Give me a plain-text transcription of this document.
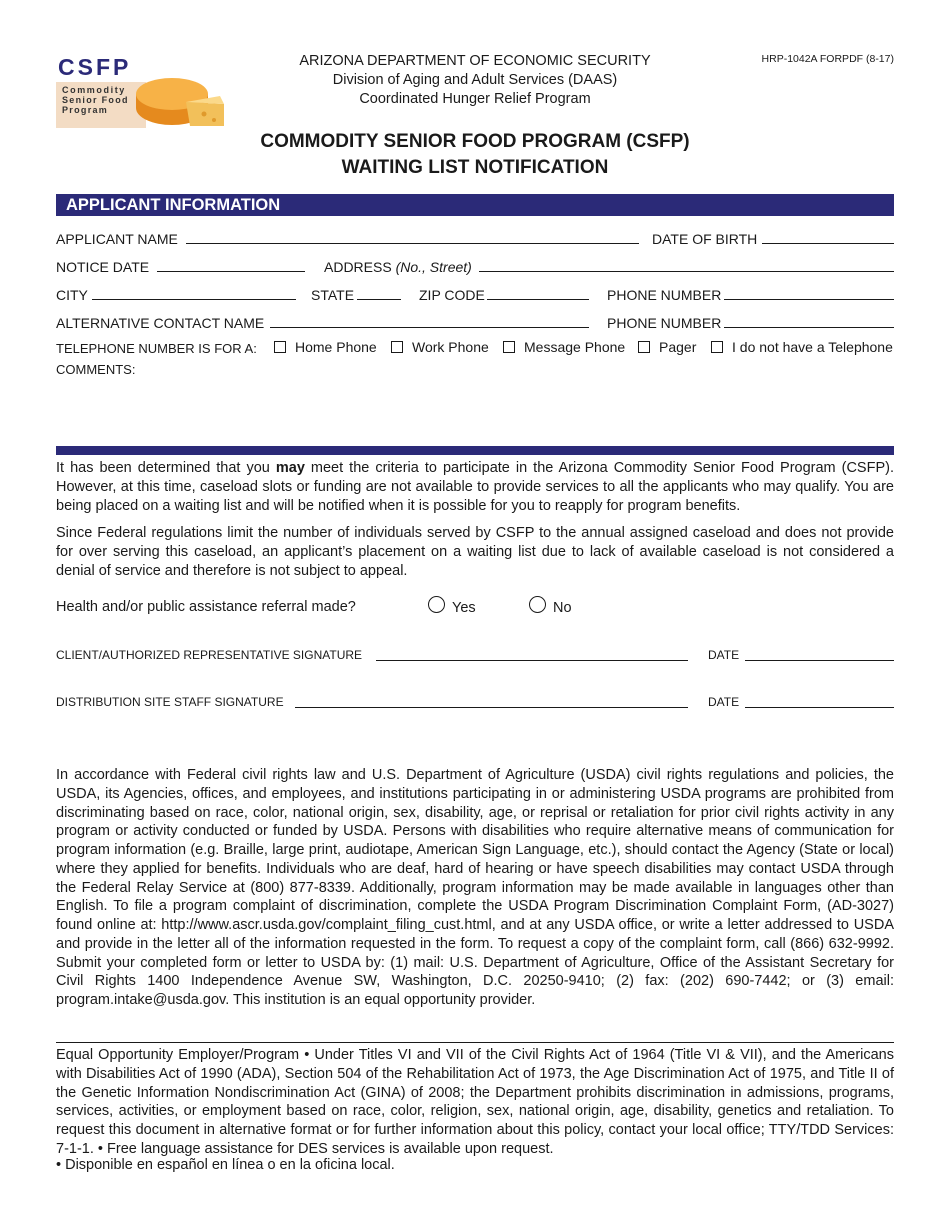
CSFP
Commodity
Senior Food
Program
ARIZONA DEPARTMENT OF ECONOMIC SECURITY
Division of Aging and Adult Services (DAAS)
Coordinated Hunger Relief Program
HRP-1042A FORPDF (8-17)
COMMODITY SENIOR FOOD PROGRAM (CSFP)
WAITING LIST NOTIFICATION
APPLICANT INFORMATION
APPLICANT NAME	DATE OF BIRTH
NOTICE DATE	ADDRESS (No., Street)
CITY	STATE	ZIP CODE	PHONE NUMBER
ALTERNATIVE CONTACT NAME	PHONE NUMBER
TELEPHONE NUMBER IS FOR A:	Home Phone	Work Phone	Message Phone	Pager	I do not have a Telephone
COMMENTS:
It has been determined that you may meet the criteria to participate in the Arizona Commodity Senior Food Program (CSFP). However, at this time, caseload slots or funding are not available to provide services to all the applicants who may qualify. You are being placed on a waiting list and will be notified when it is possible for you to reapply for program benefits.
Since Federal regulations limit the number of individuals served by CSFP to the annual assigned caseload and does not provide for over serving this caseload, an applicant’s placement on a waiting list due to lack of available caseload is not considered a denial of service and therefore is not subject to appeal.
Health and/or public assistance referral made?	Yes	No
CLIENT/AUTHORIZED REPRESENTATIVE SIGNATURE	DATE
DISTRIBUTION SITE STAFF SIGNATURE	DATE
In accordance with Federal civil rights law and U.S. Department of Agriculture (USDA) civil rights regulations and policies, the USDA, its Agencies, offices, and employees, and institutions participating in or administering USDA programs are prohibited from discriminating based on race, color, national origin, sex, disability, age, or reprisal or retaliation for prior civil rights activity in any program or activity conducted or funded by USDA. Persons with disabilities who require alternative means of communication for program information (e.g. Braille, large print, audiotape, American Sign Language, etc.), should contact the Agency (State or local) where they applied for benefits. Individuals who are deaf, hard of hearing or have speech disabilities may contact USDA through the Federal Relay Service at (800) 877-8339. Additionally, program information may be made available in languages other than English. To file a program complaint of discrimination, complete the USDA Program Discrimination Complaint Form, (AD-3027) found online at: http://www.ascr.usda.gov/complaint_filing_cust.html, and at any USDA office, or write a letter addressed to USDA and provide in the letter all of the information requested in the form. To request a copy of the complaint form, call (866) 632-9992. Submit your completed form or letter to USDA by: (1) mail: U.S. Department of Agriculture, Office of the Assistant Secretary for Civil Rights 1400 Independence Avenue SW, Washington, D.C. 20250-9410; (2) fax: (202) 690-7442; or (3) email: program.intake@usda.gov. This institution is an equal opportunity provider.
Equal Opportunity Employer/Program • Under Titles VI and VII of the Civil Rights Act of 1964 (Title VI & VII), and the Americans with Disabilities Act of 1990 (ADA), Section 504 of the Rehabilitation Act of 1973, the Age Discrimination Act of 1975, and Title II of the Genetic Information Nondiscrimination Act (GINA) of 2008; the Department prohibits discrimination in admissions, programs, services, activities, or employment based on race, color, religion, sex, national origin, age, disability, genetics and retaliation. To request this document in alternative format or for further information about this policy, contact your local office; TTY/TDD Services: 7-1-1. • Free language assistance for DES services is available upon request.
• Disponible en español en línea o en la oficina local.
